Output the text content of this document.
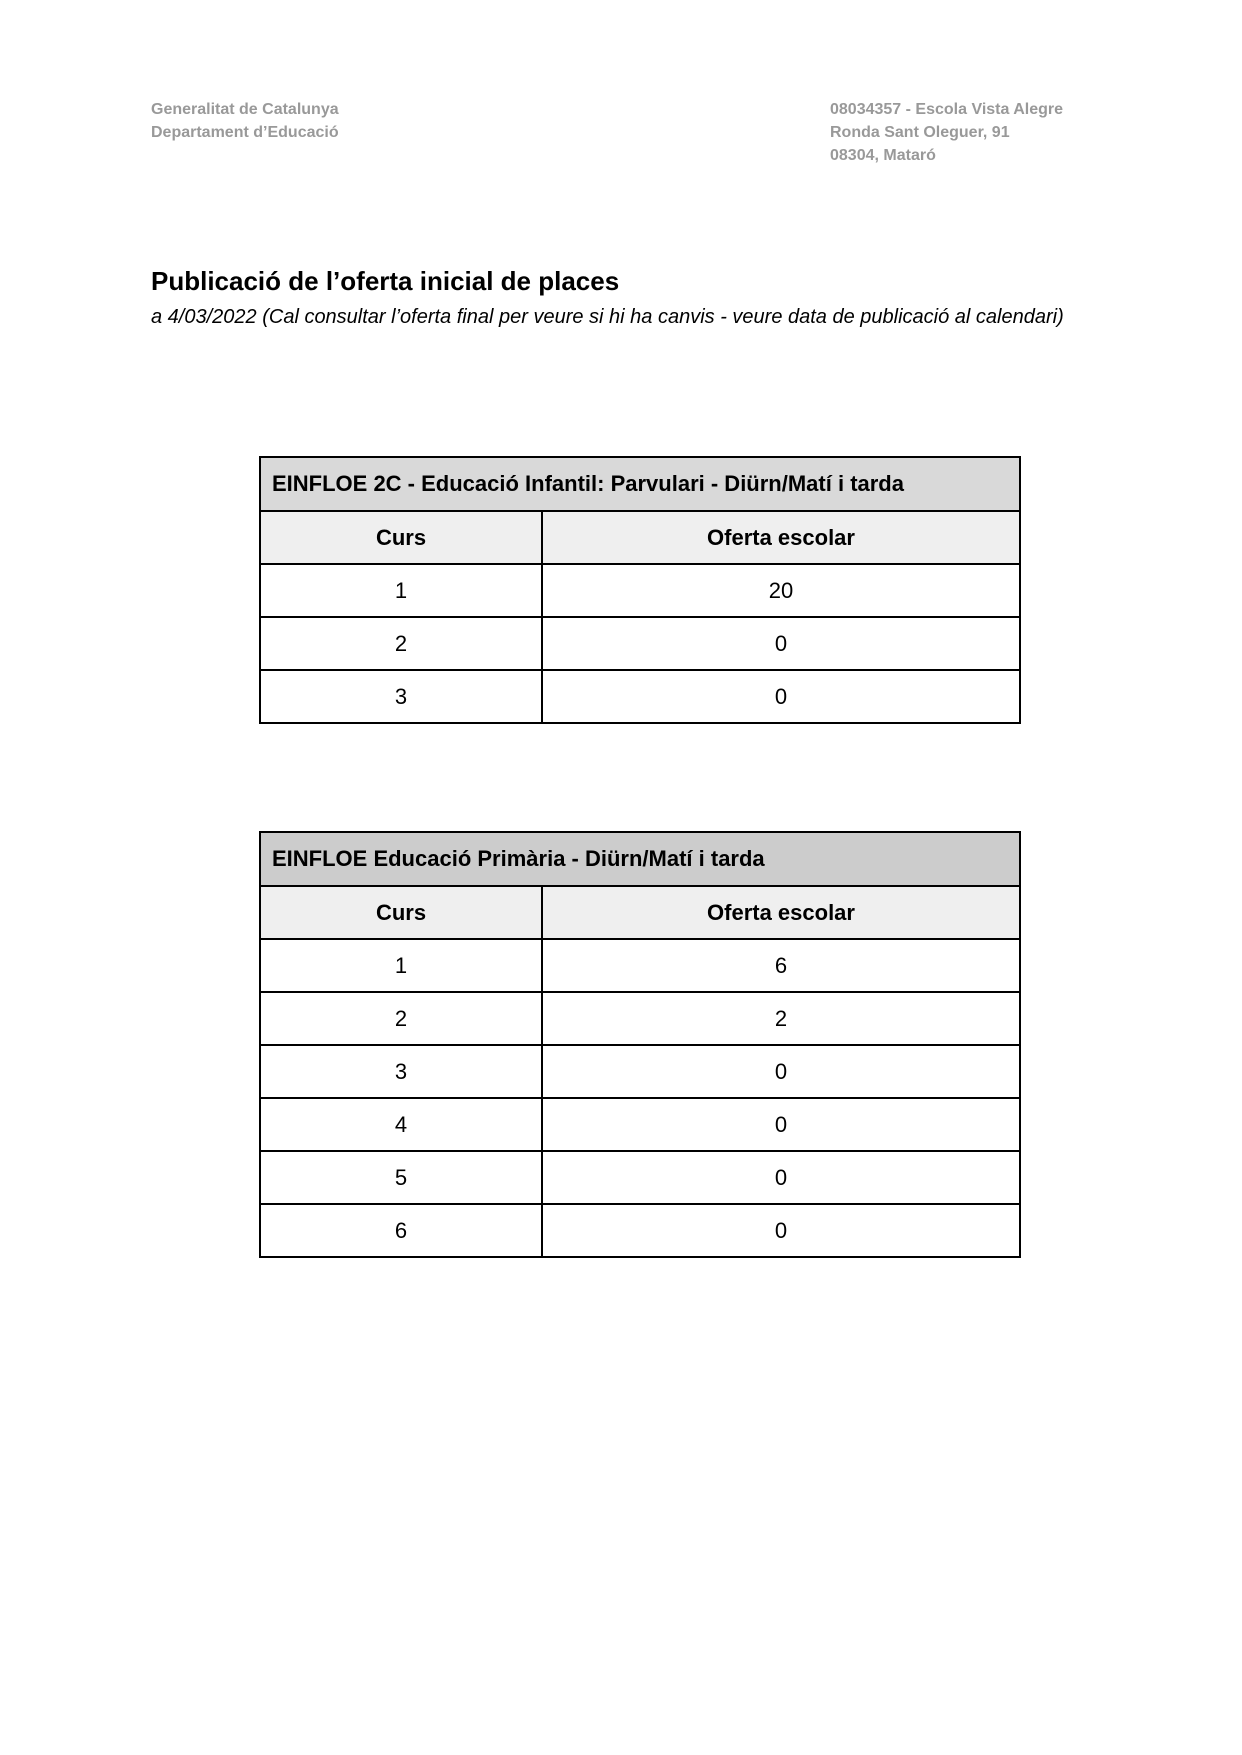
Generalitat de Catalunya
Departament d’Educació
08034357 - Escola Vista Alegre
Ronda Sant Oleguer, 91
08304, Mataró
Publicació de l’oferta inicial de places
a 4/03/2022 (Cal consultar l’oferta final per veure si hi ha canvis - veure data de publicació al calendari)
EINFLOE 2C - Educació Infantil: Parvulari - Diürn/Matí i tarda	
Curs	Oferta escolar
1	20
2	0
3	0
EINFLOE Educació Primària - Diürn/Matí i tarda	
Curs	Oferta escolar
1	6
2	2
3	0
4	0
5	0
6	0
